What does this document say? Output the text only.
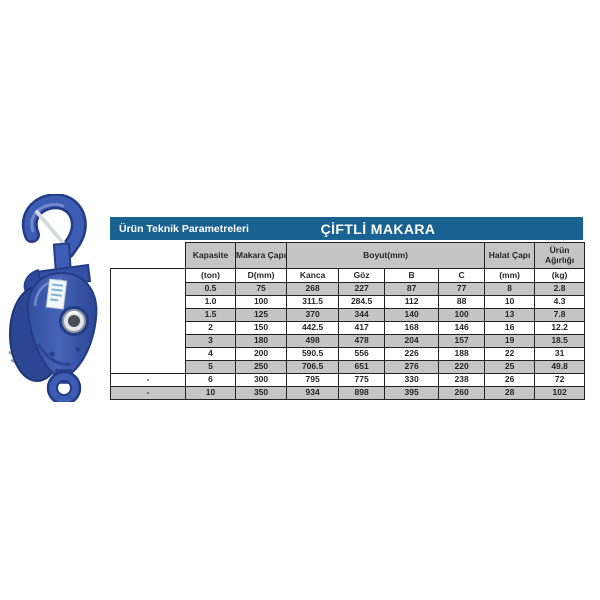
Ürün Teknik Parametreleri	ÇİFTLİ MAKARA
	Kapasite	Makara Çapı	Boyut(mm)				Halat Çapı	Ürün Ağırlığı
	(ton)	D(mm)	Kanca	Göz	B	C	(mm)	(kg)
	0.5	75	268	227	87	77	8	2.8
	1.0	100	311.5	284.5	112	88	10	4.3
	1.5	125	370	344	140	100	13	7.8
	2	150	442.5	417	168	146	16	12.2
	3	180	498	478	204	157	19	18.5
	4	200	590.5	556	226	188	22	31
	5	250	706.5	651	276	220	25	49.8
-	6	300	795	775	330	238	26	72
-	10	350	934	898	395	260	28	102
